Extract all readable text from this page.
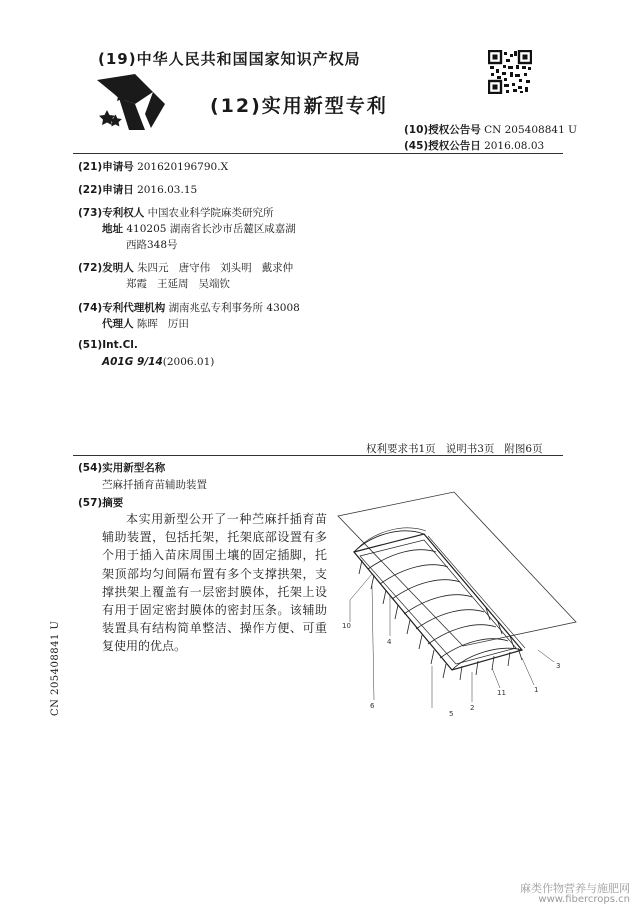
(19)中华人民共和国国家知识产权局
(12)实用新型专利
(10)授权公告号 CN 205408841 U
(45)授权公告日 2016.08.03
(21)申请号 201620196790.X
(22)申请日 2016.03.15
(73)专利权人 中国农业科学院麻类研究所
地址 410205 湖南省长沙市岳麓区咸嘉湖
西路348号
(72)发明人 朱四元   唐守伟   刘头明   戴求仲
郑霞   王延周   吴端钦
(74)专利代理机构 湖南兆弘专利事务所 43008
代理人 陈晖   厉田
(51)Int.Cl.
A01G 9/14(2006.01)
权利要求书1页   说明书3页   附图6页
(54)实用新型名称
苎麻扦插育苗辅助装置
(57)摘要
本实用新型公开了一种苎麻扦插育苗辅助装置，包括托架，托架底部设置有多个用于插入苗床周围土壤的固定插脚，托架顶部均匀间隔布置有多个支撑拱架，支撑拱架上覆盖有一层密封膜体，托架上设有用于固定密封膜体的密封压条。该辅助装置具有结构简单整洁、操作方便、可重复使用的优点。
10
4
5
2
11	1
3
6
CN 205408841 U
麻类作物营养与施肥网
www.fibercrops.cn
